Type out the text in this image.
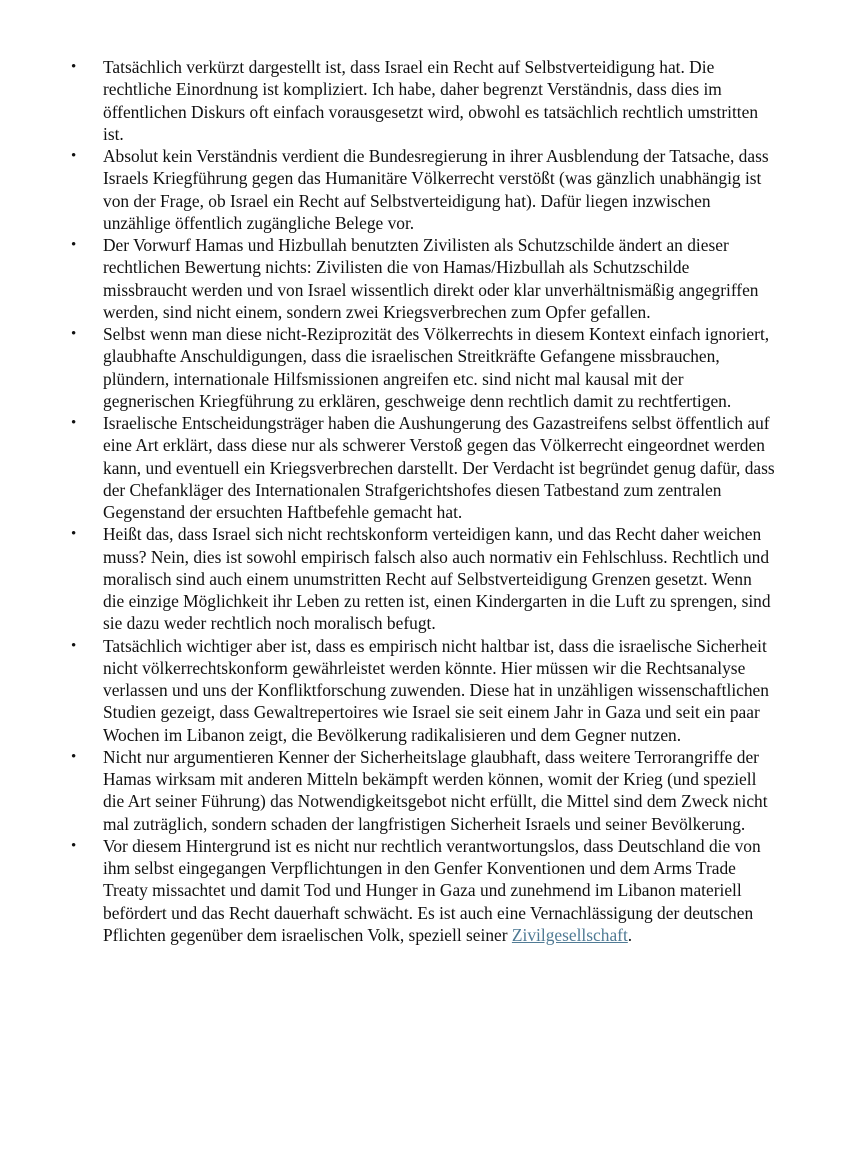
• Tatsächlich verkürzt dargestellt ist, dass Israel ein Recht auf Selbstverteidigung hat. Die rechtliche Einordnung ist kompliziert. Ich habe, daher begrenzt Verständnis, dass dies im öffentlichen Diskurs oft einfach vorausgesetzt wird, obwohl es tatsächlich rechtlich umstritten ist.
• Absolut kein Verständnis verdient die Bundesregierung in ihrer Ausblendung der Tatsache, dass Israels Kriegführung gegen das Humanitäre Völkerrecht verstößt (was gänzlich unabhängig ist von der Frage, ob Israel ein Recht auf Selbstverteidigung hat). Dafür liegen inzwischen unzählige öffentlich zugängliche Belege vor.
• Der Vorwurf Hamas und Hizbullah benutzten Zivilisten als Schutzschilde ändert an dieser rechtlichen Bewertung nichts: Zivilisten die von Hamas/Hizbullah als Schutzschilde missbraucht werden und von Israel wissentlich direkt oder klar unverhältnismäßig angegriffen werden, sind nicht einem, sondern zwei Kriegsverbrechen zum Opfer gefallen.
• Selbst wenn man diese nicht-Reziprozität des Völkerrechts in diesem Kontext einfach ignoriert, glaubhafte Anschuldigungen, dass die israelischen Streitkräfte Gefangene missbrauchen, plündern, internationale Hilfsmissionen angreifen etc. sind nicht mal kausal mit der gegnerischen Kriegführung zu erklären, geschweige denn rechtlich damit zu rechtfertigen.
• Israelische Entscheidungsträger haben die Aushungerung des Gazastreifens selbst öffentlich auf eine Art erklärt, dass diese nur als schwerer Verstoß gegen das Völkerrecht eingeordnet werden kann, und eventuell ein Kriegsverbrechen darstellt. Der Verdacht ist begründet genug dafür, dass der Chefankläger des Internationalen Strafgerichtshofes diesen Tatbestand zum zentralen Gegenstand der ersuchten Haftbefehle gemacht hat.
• Heißt das, dass Israel sich nicht rechtskonform verteidigen kann, und das Recht daher weichen muss? Nein, dies ist sowohl empirisch falsch also auch normativ ein Fehlschluss. Rechtlich und moralisch sind auch einem unumstritten Recht auf Selbstverteidigung Grenzen gesetzt. Wenn die einzige Möglichkeit ihr Leben zu retten ist, einen Kindergarten in die Luft zu sprengen, sind sie dazu weder rechtlich noch moralisch befugt.
• Tatsächlich wichtiger aber ist, dass es empirisch nicht haltbar ist, dass die israelische Sicherheit nicht völkerrechtskonform gewährleistet werden könnte. Hier müssen wir die Rechtsanalyse verlassen und uns der Konfliktforschung zuwenden. Diese hat in unzähligen wissenschaftlichen Studien gezeigt, dass Gewaltrepertoires wie Israel sie seit einem Jahr in Gaza und seit ein paar Wochen im Libanon zeigt, die Bevölkerung radikalisieren und dem Gegner nutzen.
• Nicht nur argumentieren Kenner der Sicherheitslage glaubhaft, dass weitere Terrorangriffe der Hamas wirksam mit anderen Mitteln bekämpft werden können, womit der Krieg (und speziell die Art seiner Führung) das Notwendigkeitsgebot nicht erfüllt, die Mittel sind dem Zweck nicht mal zuträglich, sondern schaden der langfristigen Sicherheit Israels und seiner Bevölkerung.
• Vor diesem Hintergrund ist es nicht nur rechtlich verantwortungslos, dass Deutschland die von ihm selbst eingegangen Verpflichtungen in den Genfer Konventionen und dem Arms Trade Treaty missachtet und damit Tod und Hunger in Gaza und zunehmend im Libanon materiell befördert und das Recht dauerhaft schwächt. Es ist auch eine Vernachlässigung der deutschen Pflichten gegenüber dem israelischen Volk, speziell seiner Zivilgesellschaft.
